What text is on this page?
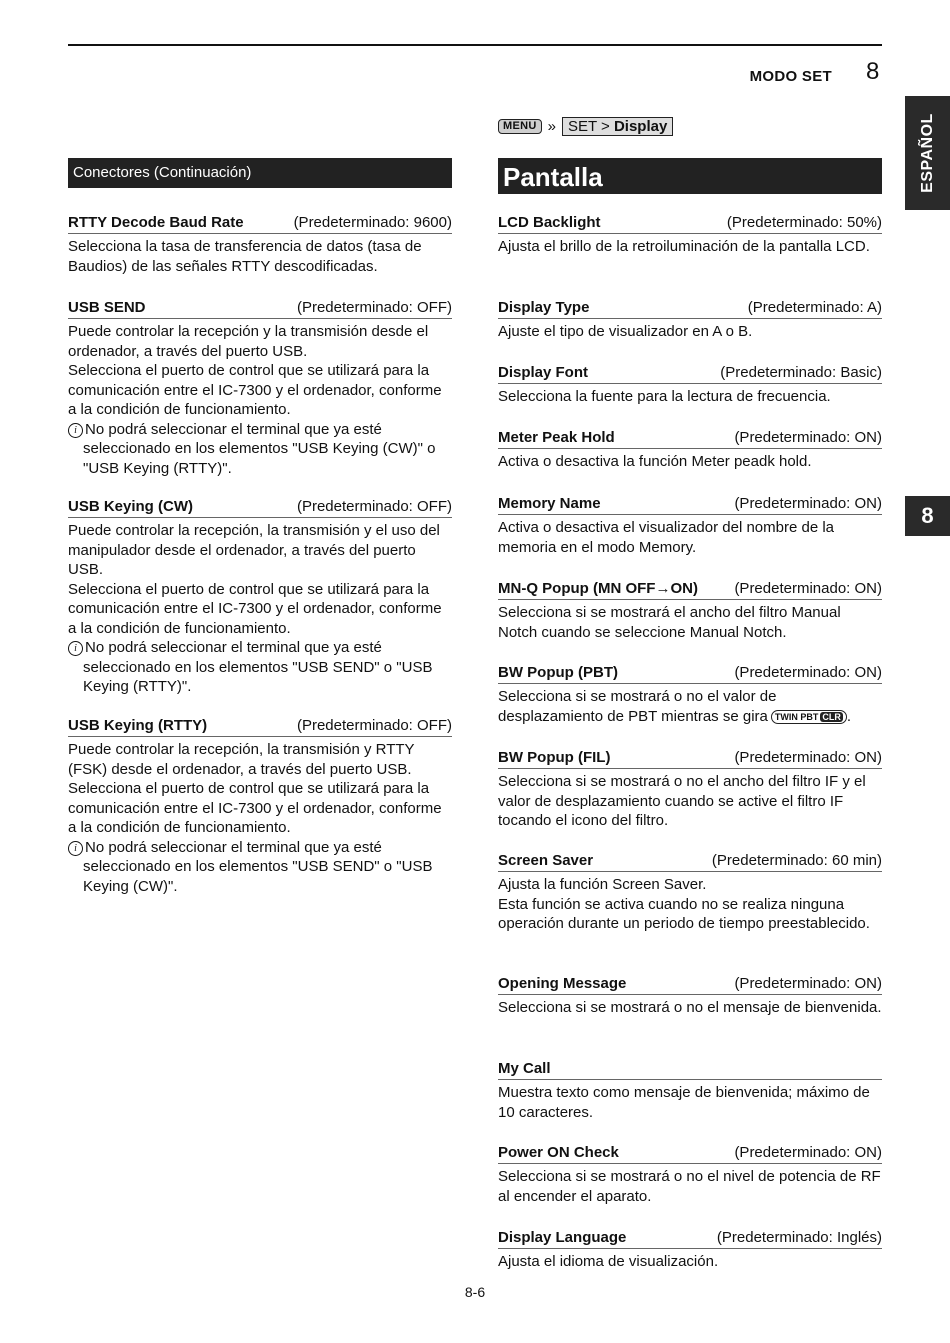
MODO SET 8
ESPAÑOL
8
MENU » SET > Display
Conectores (Continuación)	Pantalla
RTTY Decode Baud Rate	(Predeterminado: 9600)
Selecciona la tasa de transferencia de datos (tasa de Baudios) de las señales RTTY descodificadas.
USB SEND	(Predeterminado: OFF)
Puede controlar la recepción y la transmisión desde el ordenador, a través del puerto USB.
Selecciona el puerto de control que se utilizará para la comunicación entre el IC-7300 y el ordenador, conforme a la condición de funcionamiento.
i No podrá seleccionar el terminal que ya esté seleccionado en los elementos "USB Keying (CW)" o "USB Keying (RTTY)".
USB Keying (CW)	(Predeterminado: OFF)
Puede controlar la recepción, la transmisión y el uso del manipulador desde el ordenador, a través del puerto USB.
Selecciona el puerto de control que se utilizará para la comunicación entre el IC-7300 y el ordenador, conforme a la condición de funcionamiento.
i No podrá seleccionar el terminal que ya esté seleccionado en los elementos "USB SEND" o "USB Keying (RTTY)".
USB Keying (RTTY)	(Predeterminado: OFF)
Puede controlar la recepción, la transmisión y RTTY (FSK) desde el ordenador, a través del puerto USB.
Selecciona el puerto de control que se utilizará para la comunicación entre el IC-7300 y el ordenador, conforme a la condición de funcionamiento.
i No podrá seleccionar el terminal que ya esté seleccionado en los elementos "USB SEND" o "USB Keying (CW)".
LCD Backlight	(Predeterminado: 50%)
Ajusta el brillo de la retroiluminación de la pantalla LCD.
Display Type	(Predeterminado: A)
Ajuste el tipo de visualizador en A o B.
Display Font	(Predeterminado: Basic)
Selecciona la fuente para la lectura de frecuencia.
Meter Peak Hold	(Predeterminado: ON)
Activa o desactiva la función Meter peadk hold.
Memory Name	(Predeterminado: ON)
Activa o desactiva el visualizador del nombre de la memoria en el modo Memory.
MN-Q Popup (MN OFF→ON) (Predeterminado: ON)
Selecciona si se mostrará el ancho del filtro Manual Notch cuando se seleccione Manual Notch.
BW Popup (PBT)	(Predeterminado: ON)
Selecciona si se mostrará o no el valor de desplazamiento de PBT mientras se gira TWIN PBT CLR .
BW Popup (FIL)	(Predeterminado: ON)
Selecciona si se mostrará o no el ancho del filtro IF y el valor de desplazamiento cuando se active el filtro IF tocando el icono del filtro.
Screen Saver	(Predeterminado: 60 min)
Ajusta la función Screen Saver.
Esta función se activa cuando no se realiza ninguna operación durante un periodo de tiempo preestablecido.
Opening Message	(Predeterminado: ON)
Selecciona si se mostrará o no el mensaje de bienvenida.
My Call
Muestra texto como mensaje de bienvenida; máximo de 10 caracteres.
Power ON Check	(Predeterminado: ON)
Selecciona si se mostrará o no el nivel de potencia de RF al encender el aparato.
Display Language	(Predeterminado: Inglés)
Ajusta el idioma de visualización.
8-6
